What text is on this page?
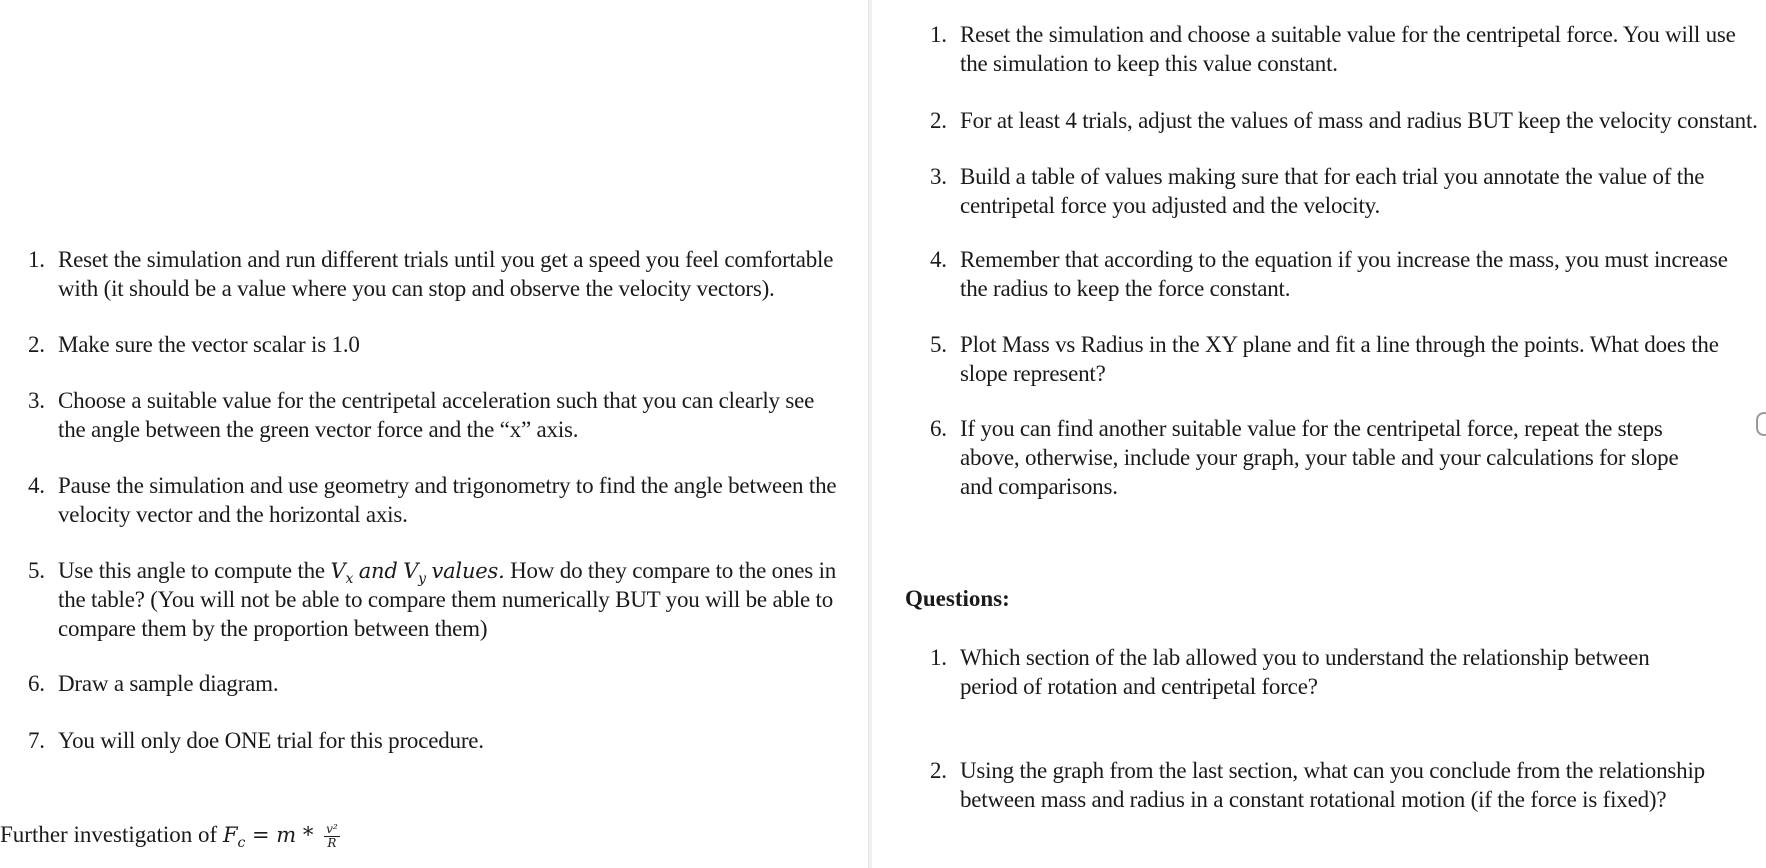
1. Reset the simulation and run different trials until you get a speed you feel comfortable
with (it should be a value where you can stop and observe the velocity vectors).
2. Make sure the vector scalar is 1.0
3. Choose a suitable value for the centripetal acceleration such that you can clearly see
the angle between the green vector force and the “x” axis.
4. Pause the simulation and use geometry and trigonometry to find the angle between the
velocity vector and the horizontal axis.
5. Use this angle to compute the $V_x$ and $V_y$ values. How do they compare to the ones in
the table? (You will not be able to compare them numerically BUT you will be able to
compare them by the proportion between them)
6. Draw a sample diagram.
7. You will only doe ONE trial for this procedure.
Further investigation of $F_c = m * \frac{\text{v²}}{R}$
1. Reset the simulation and choose a suitable value for the centripetal force. You will use
the simulation to keep this value constant.
2. For at least 4 trials, adjust the values of mass and radius BUT keep the velocity constant.
3. Build a table of values making sure that for each trial you annotate the value of the
centripetal force you adjusted and the velocity.
4. Remember that according to the equation if you increase the mass, you must increase
the radius to keep the force constant.
5. Plot Mass vs Radius in the XY plane and fit a line through the points. What does the
slope represent?
6. If you can find another suitable value for the centripetal force, repeat the steps
above, otherwise, include your graph, your table and your calculations for slope
and comparisons.
Questions:
1. Which section of the lab allowed you to understand the relationship between
period of rotation and centripetal force?
2. Using the graph from the last section, what can you conclude from the relationship
between mass and radius in a constant rotational motion (if the force is fixed)?
